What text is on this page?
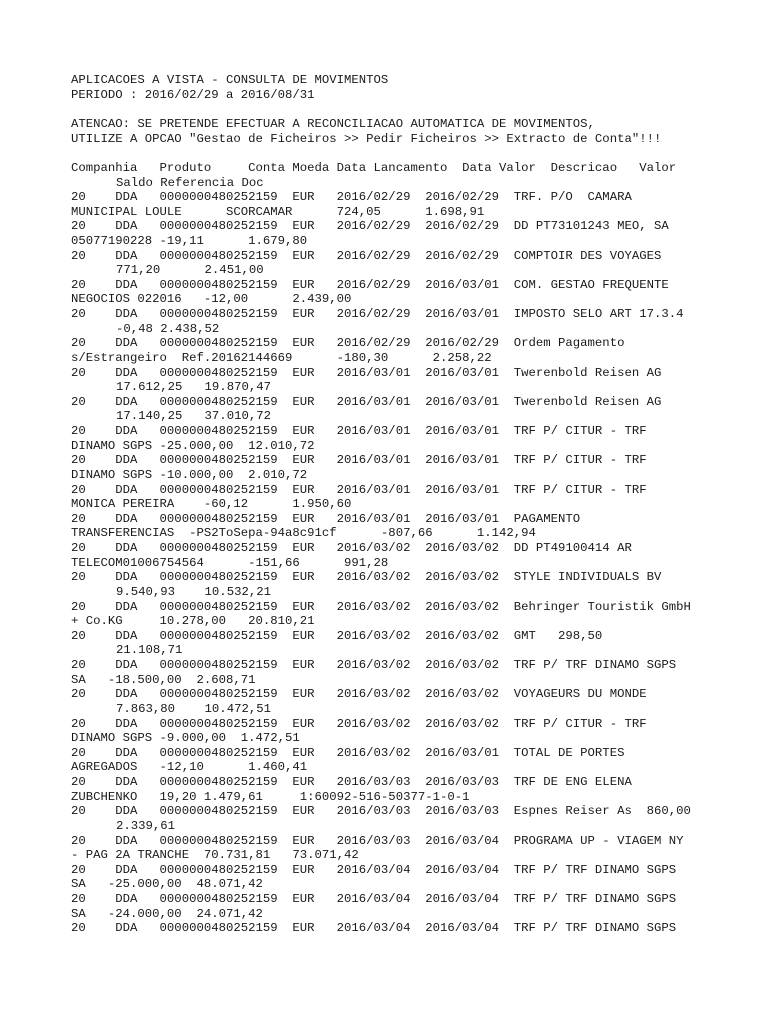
APLICACOES A VISTA - CONSULTA DE MOVIMENTOS
PERIODO : 2016/02/29 a 2016/08/31
ATENCAO: SE PRETENDE EFECTUAR A RECONCILIACAO AUTOMATICA DE MOVIMENTOS,
UTILIZE A OPCAO "Gestao de Ficheiros >> Pedir Ficheiros >> Extracto de Conta"!!!
Companhia   Produto     Conta Moeda Data Lancamento  Data Valor  Descricao   Valor
Saldo Referencia Doc
20    DDA   0000000480252159  EUR   2016/02/29  2016/02/29  TRF. P/O  CAMARA
MUNICIPAL LOULE      SCORCAMAR      724,05      1.698,91
20    DDA   0000000480252159  EUR   2016/02/29  2016/02/29  DD PT73101243 MEO, SA
05077190228 -19,11      1.679,80
20    DDA   0000000480252159  EUR   2016/02/29  2016/02/29  COMPTOIR DES VOYAGES
771,20      2.451,00
20    DDA   0000000480252159  EUR   2016/02/29  2016/03/01  COM. GESTAO FREQUENTE
NEGOCIOS 022016   -12,00      2.439,00
20    DDA   0000000480252159  EUR   2016/02/29  2016/03/01  IMPOSTO SELO ART 17.3.4
-0,48 2.438,52
20    DDA   0000000480252159  EUR   2016/02/29  2016/02/29  Ordem Pagamento
s/Estrangeiro  Ref.20162144669      -180,30      2.258,22
20    DDA   0000000480252159  EUR   2016/03/01  2016/03/01  Twerenbold Reisen AG
17.612,25   19.870,47
20    DDA   0000000480252159  EUR   2016/03/01  2016/03/01  Twerenbold Reisen AG
17.140,25   37.010,72
20    DDA   0000000480252159  EUR   2016/03/01  2016/03/01  TRF P/ CITUR - TRF
DINAMO SGPS -25.000,00  12.010,72
20    DDA   0000000480252159  EUR   2016/03/01  2016/03/01  TRF P/ CITUR - TRF
DINAMO SGPS -10.000,00  2.010,72
20    DDA   0000000480252159  EUR   2016/03/01  2016/03/01  TRF P/ CITUR - TRF
MONICA PEREIRA    -60,12      1.950,60
20    DDA   0000000480252159  EUR   2016/03/01  2016/03/01  PAGAMENTO
TRANSFERENCIAS  -PS2ToSepa-94a8c91cf      -807,66      1.142,94
20    DDA   0000000480252159  EUR   2016/03/02  2016/03/02  DD PT49100414 AR
TELECOM01006754564      -151,66      991,28
20    DDA   0000000480252159  EUR   2016/03/02  2016/03/02  STYLE INDIVIDUALS BV
9.540,93    10.532,21
20    DDA   0000000480252159  EUR   2016/03/02  2016/03/02  Behringer Touristik GmbH
+ Co.KG     10.278,00   20.810,21
20    DDA   0000000480252159  EUR   2016/03/02  2016/03/02  GMT   298,50
21.108,71
20    DDA   0000000480252159  EUR   2016/03/02  2016/03/02  TRF P/ TRF DINAMO SGPS
SA   -18.500,00  2.608,71
20    DDA   0000000480252159  EUR   2016/03/02  2016/03/02  VOYAGEURS DU MONDE
7.863,80    10.472,51
20    DDA   0000000480252159  EUR   2016/03/02  2016/03/02  TRF P/ CITUR - TRF
DINAMO SGPS -9.000,00  1.472,51
20    DDA   0000000480252159  EUR   2016/03/02  2016/03/01  TOTAL DE PORTES
AGREGADOS   -12,10      1.460,41
20    DDA   0000000480252159  EUR   2016/03/03  2016/03/03  TRF DE ENG ELENA
ZUBCHENKO   19,20 1.479,61     1:60092-516-50377-1-0-1
20    DDA   0000000480252159  EUR   2016/03/03  2016/03/03  Espnes Reiser As  860,00
2.339,61
20    DDA   0000000480252159  EUR   2016/03/03  2016/03/04  PROGRAMA UP - VIAGEM NY
- PAG 2A TRANCHE  70.731,81   73.071,42
20    DDA   0000000480252159  EUR   2016/03/04  2016/03/04  TRF P/ TRF DINAMO SGPS
SA   -25.000,00  48.071,42
20    DDA   0000000480252159  EUR   2016/03/04  2016/03/04  TRF P/ TRF DINAMO SGPS
SA   -24.000,00  24.071,42
20    DDA   0000000480252159  EUR   2016/03/04  2016/03/04  TRF P/ TRF DINAMO SGPS
